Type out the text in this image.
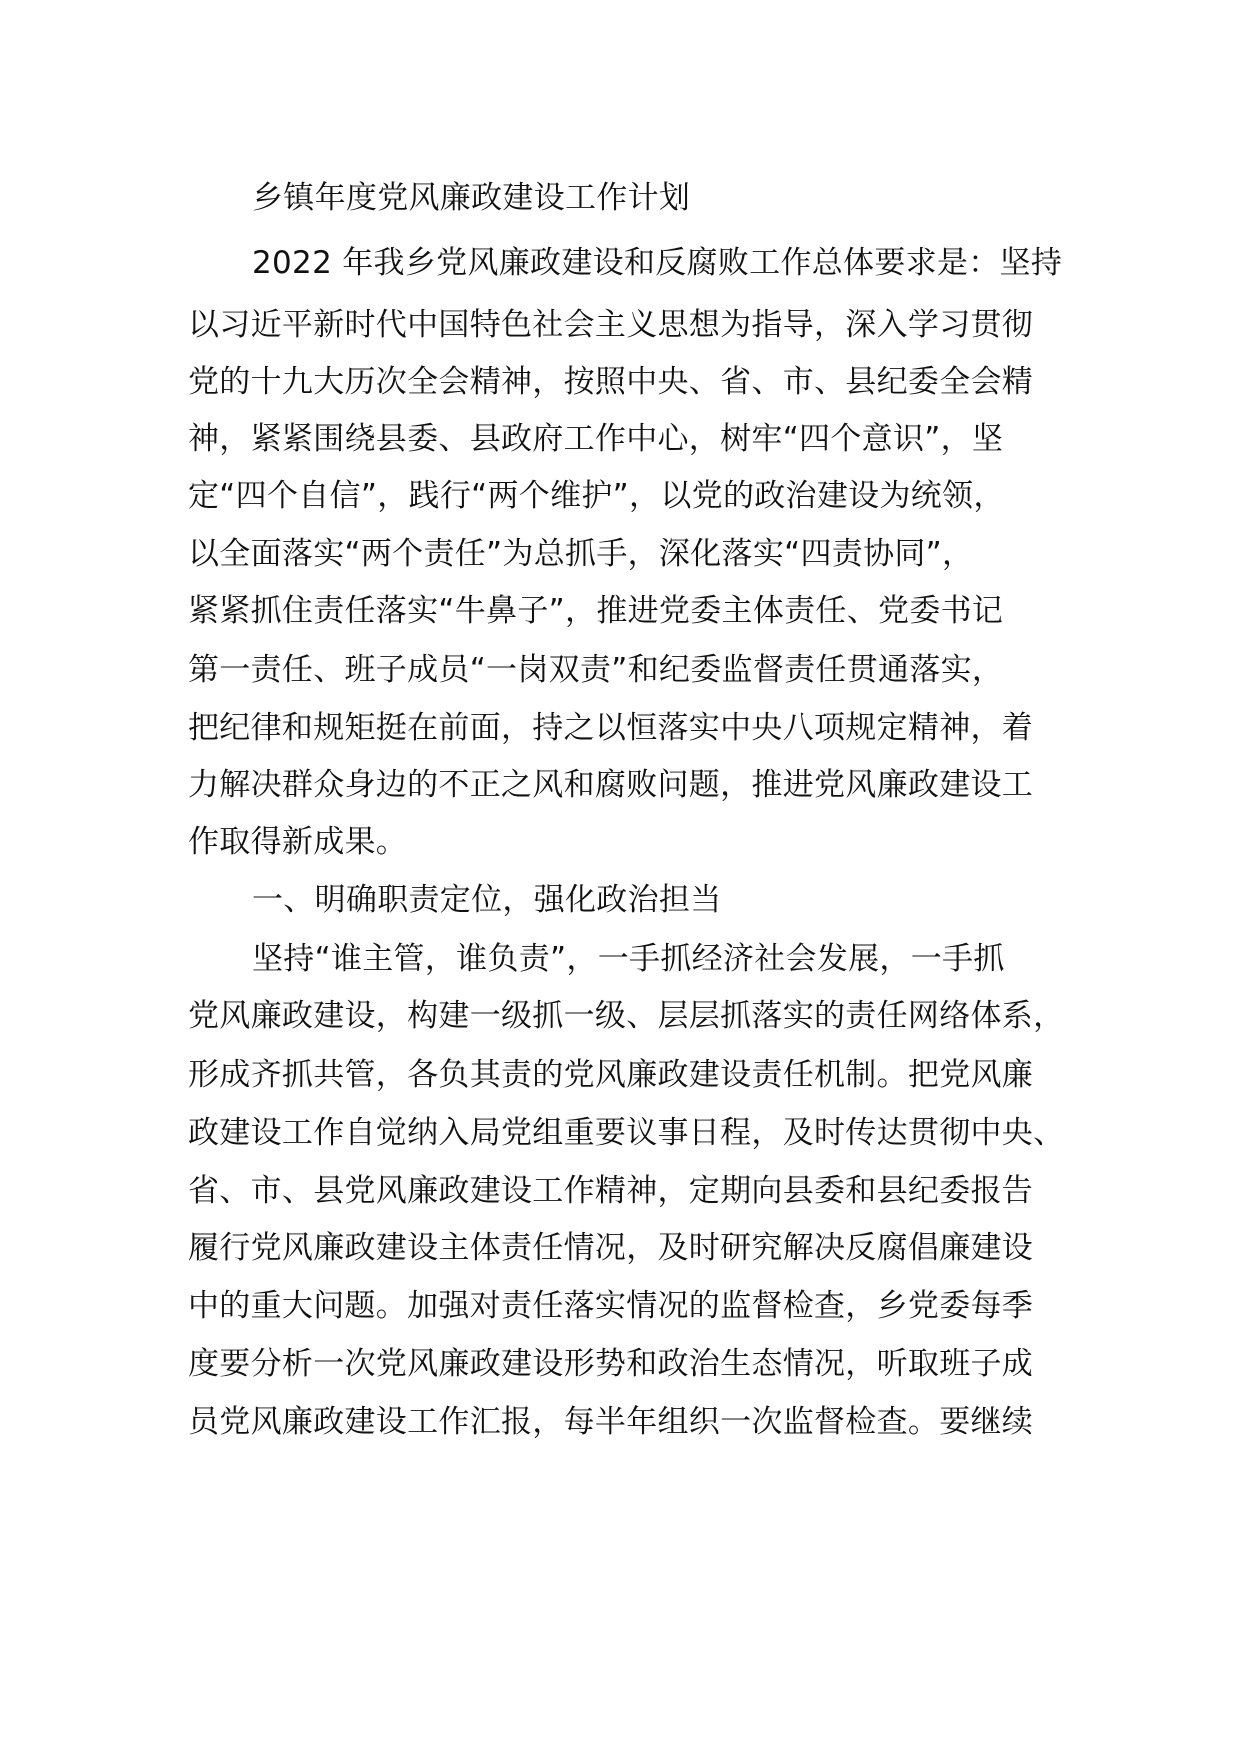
乡镇年度党风廉政建设工作计划
2022 年我乡党风廉政建设和反腐败工作总体要求是：坚持
以习近平新时代中国特色社会主义思想为指导，深入学习贯彻
党的十九大历次全会精神，按照中央、省、市、县纪委全会精
神，紧紧围绕县委、县政府工作中心，树牢“四个意识”，坚
定“四个自信”，践行“两个维护”，以党的政治建设为统领，
以全面落实“两个责任”为总抓手，深化落实“四责协同”，
紧紧抓住责任落实“牛鼻子”，推进党委主体责任、党委书记
第一责任、班子成员“一岗双责”和纪委监督责任贯通落实，
把纪律和规矩挺在前面，持之以恒落实中央八项规定精神，着
力解决群众身边的不正之风和腐败问题，推进党风廉政建设工
作取得新成果。
一、明确职责定位，强化政治担当
坚持“谁主管，谁负责”，一手抓经济社会发展，一手抓
党风廉政建设，构建一级抓一级、层层抓落实的责任网络体系，
形成齐抓共管，各负其责的党风廉政建设责任机制。把党风廉
政建设工作自觉纳入局党组重要议事日程，及时传达贯彻中央、
省、市、县党风廉政建设工作精神，定期向县委和县纪委报告
履行党风廉政建设主体责任情况，及时研究解决反腐倡廉建设
中的重大问题。加强对责任落实情况的监督检查，乡党委每季
度要分析一次党风廉政建设形势和政治生态情况，听取班子成
员党风廉政建设工作汇报，每半年组织一次监督检查。要继续
